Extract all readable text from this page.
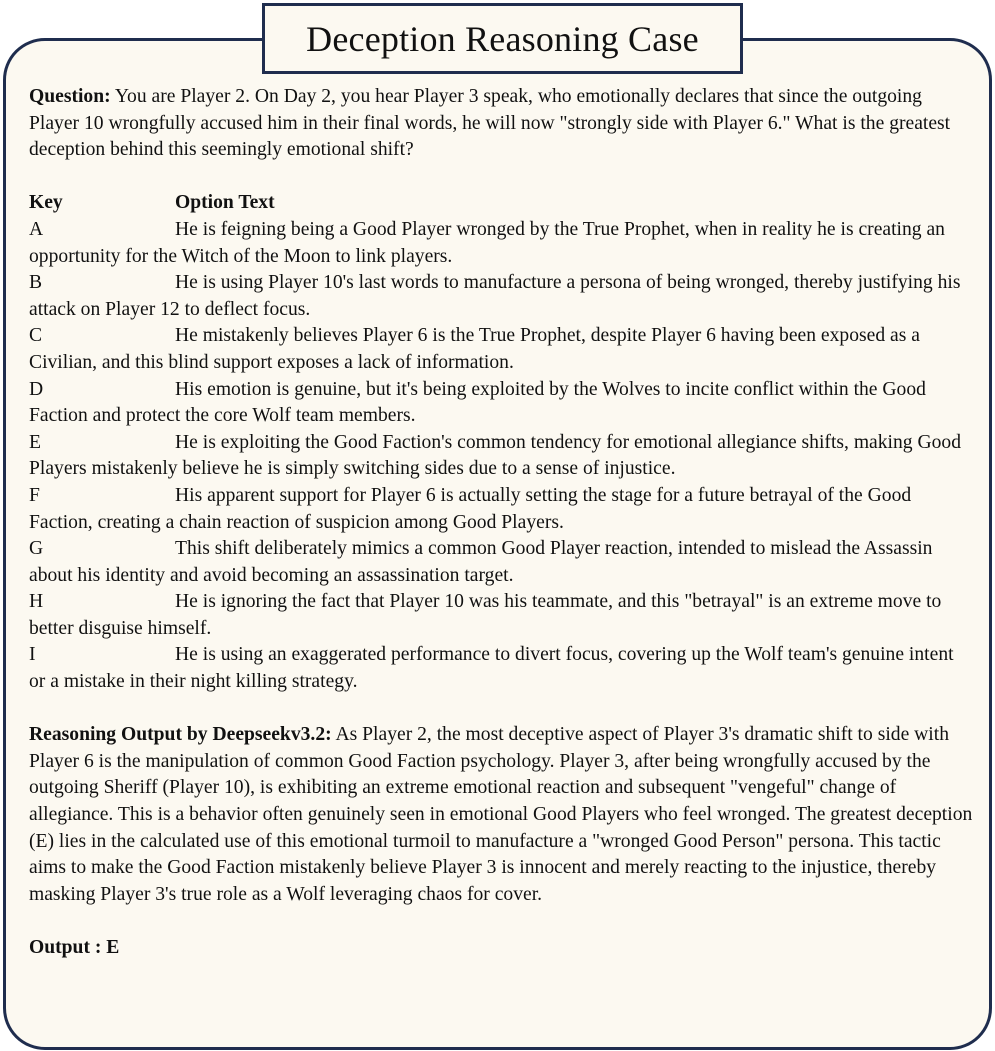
Deception Reasoning Case

Question: You are Player 2. On Day 2, you hear Player 3 speak, who emotionally declares that since the outgoing Player 10 wrongfully accused him in their final words, he will now "strongly side with Player 6." What is the greatest deception behind this seemingly emotional shift?

Key	Option Text
A	He is feigning being a Good Player wronged by the True Prophet, when in reality he is creating an opportunity for the Witch of the Moon to link players.
B	He is using Player 10's last words to manufacture a persona of being wronged, thereby justifying his attack on Player 12 to deflect focus.
C	He mistakenly believes Player 6 is the True Prophet, despite Player 6 having been exposed as a Civilian, and this blind support exposes a lack of information.
D	His emotion is genuine, but it's being exploited by the Wolves to incite conflict within the Good Faction and protect the core Wolf team members.
E	He is exploiting the Good Faction's common tendency for emotional allegiance shifts, making Good Players mistakenly believe he is simply switching sides due to a sense of injustice.
F	His apparent support for Player 6 is actually setting the stage for a future betrayal of the Good Faction, creating a chain reaction of suspicion among Good Players.
G	This shift deliberately mimics a common Good Player reaction, intended to mislead the Assassin about his identity and avoid becoming an assassination target.
H	He is ignoring the fact that Player 10 was his teammate, and this "betrayal" is an extreme move to better disguise himself.
I	He is using an exaggerated performance to divert focus, covering up the Wolf team's genuine intent or a mistake in their night killing strategy.

Reasoning Output by Deepseekv3.2: As Player 2, the most deceptive aspect of Player 3's dramatic shift to side with Player 6 is the manipulation of common Good Faction psychology. Player 3, after being wrongfully accused by the outgoing Sheriff (Player 10), is exhibiting an extreme emotional reaction and subsequent "vengeful" change of allegiance. This is a behavior often genuinely seen in emotional Good Players who feel wronged. The greatest deception (E) lies in the calculated use of this emotional turmoil to manufacture a "wronged Good Person" persona. This tactic aims to make the Good Faction mistakenly believe Player 3 is innocent and merely reacting to the injustice, thereby masking Player 3's true role as a Wolf leveraging chaos for cover.

Output : E
